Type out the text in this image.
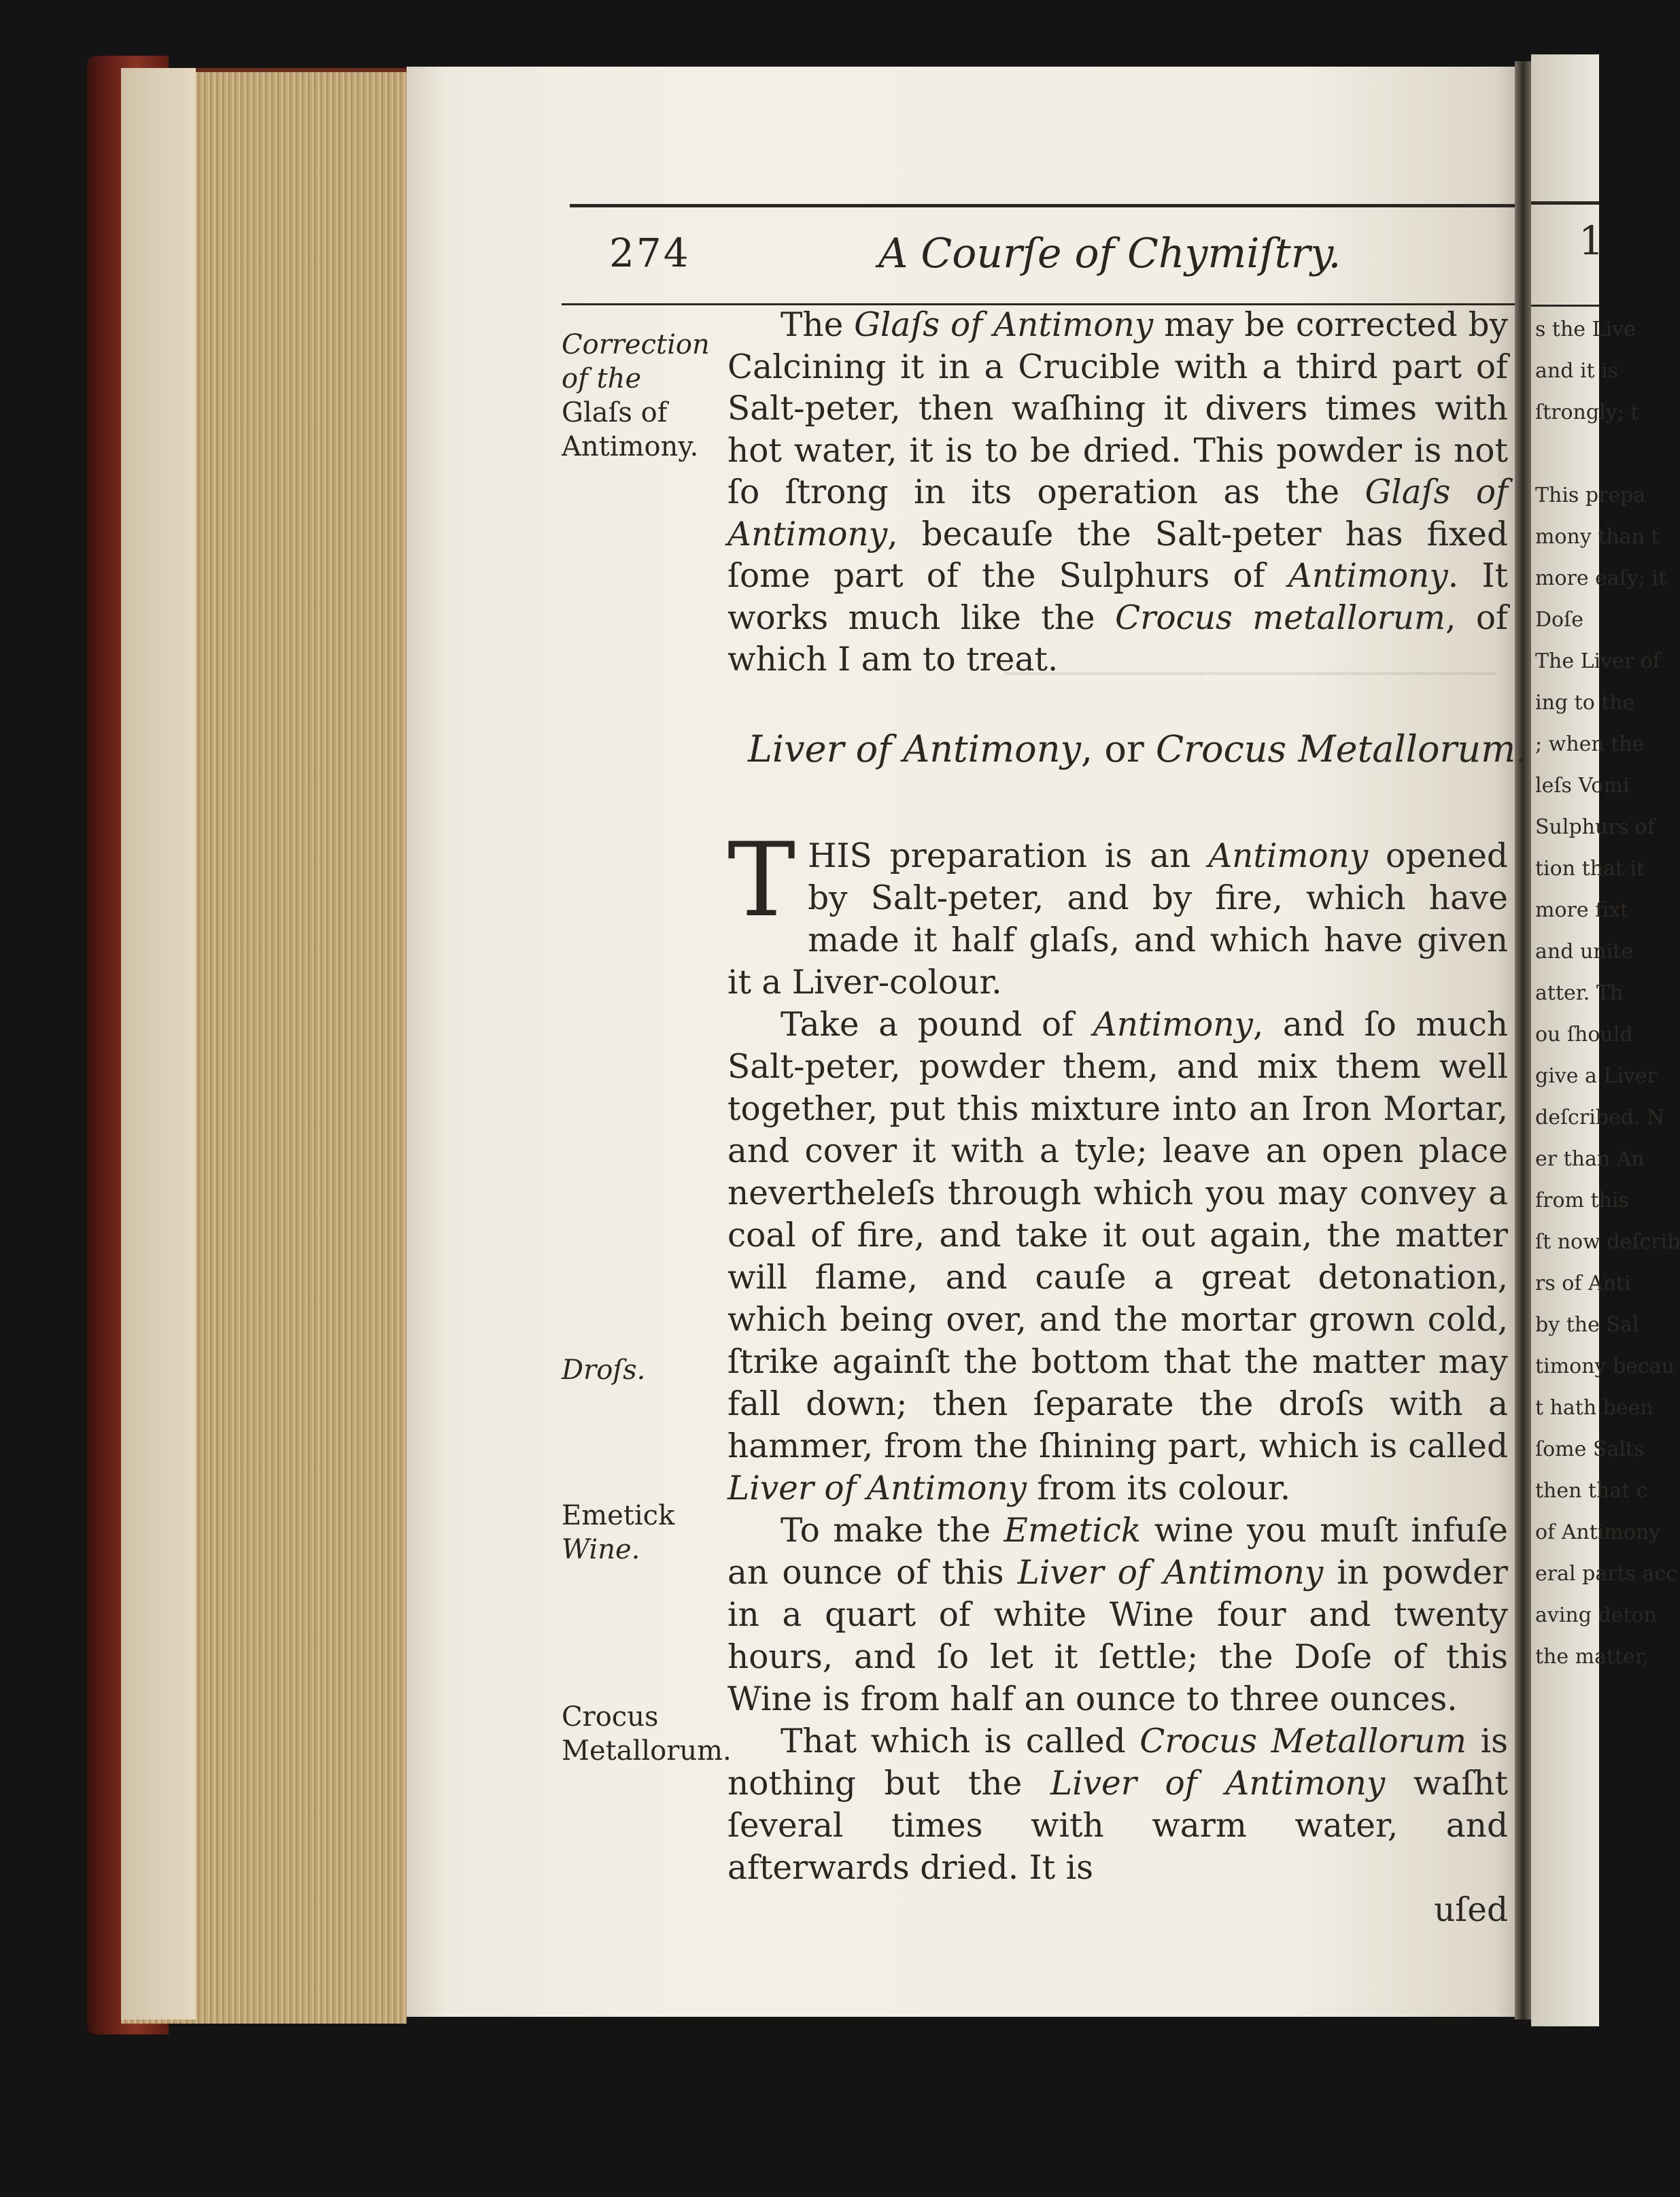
─────────────────────────
274	A Courſe of Chymiſtry.

The Glaſs of Antimony may be corrected by Calcining it in a Crucible with a third part of Salt-peter, then waſhing it divers times with hot water, it is to be dried. This powder is not ſo ſtrong in its operation as the Glaſs of Antimony, becauſe the Salt-peter has fixed ſome part of the Sulphurs of Antimony. It works much like the Crocus metallorum, of which I am to treat.

Liver of Antimony, or Crocus Metallorum.

THIS preparation is an Antimony opened by Salt-peter, and by fire, which have made it half glaſs, and which have given it a Liver-colour.

Take a pound of Antimony, and ſo much Salt-peter, powder them, and mix them well together, put this mixture into an Iron Mortar, and cover it with a tyle; leave an open place nevertheleſs through which you may convey a coal of fire, and take it out again, the matter will flame, and cauſe a great detonation, which being over, and the mortar grown cold, ſtrike againſt the bottom that the matter may fall down; then ſeparate the droſs with a hammer, from the ſhining part, which is called Liver of Antimony from its colour.

To make the Emetick wine you muſt infuſe an ounce of this Liver of Antimony in powder in a quart of white Wine four and twenty hours, and ſo let it ſettle; the Doſe of this Wine is from half an ounce to three ounces.

That which is called Crocus Metallorum is nothing but the Liver of Antimony waſht ſeveral times with warm water, and afterwards dried. It is

uſed

Correction of the Glaſs of Antimony.
Droſs.
Emetick
Wine.
Crocus Metallorum.
1
s the Live
and it is
ſtrongly; t

This prepa
mony than t
more eaſy; it
Doſe
The Liver of
ing to the
; when the
leſs Vomi
Sulphurs of
tion that it
more fixt
and unite
atter. Th
ou ſhould
give a Liver
deſcribed. N
er than An
from this
ſt now deſcrib
rs of Anti
by the Sal
timony becau
t hath been
ſome Salts
then that c
of Antimony
eral parts acc
aving deton
the matter,
